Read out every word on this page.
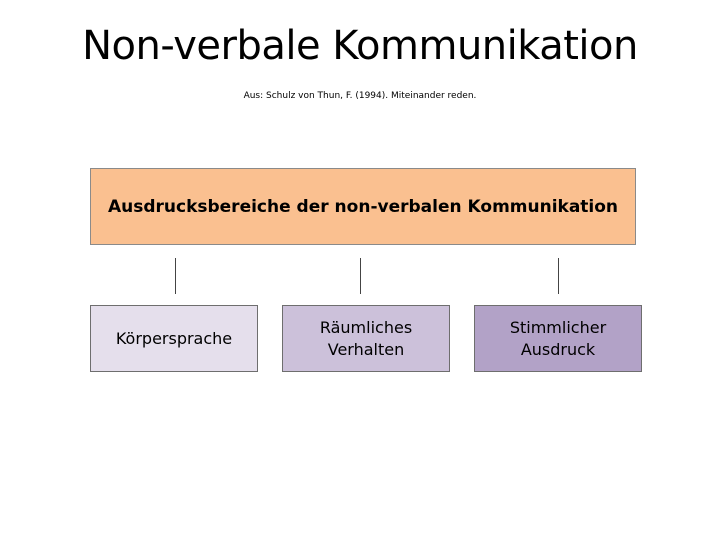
Non-verbale Kommunikation
Aus: Schulz von Thun, F. (1994). Miteinander reden.
Ausdrucksbereiche der non-verbalen Kommunikation
Körpersprache
Räumliches
Verhalten
Stimmlicher
Ausdruck
